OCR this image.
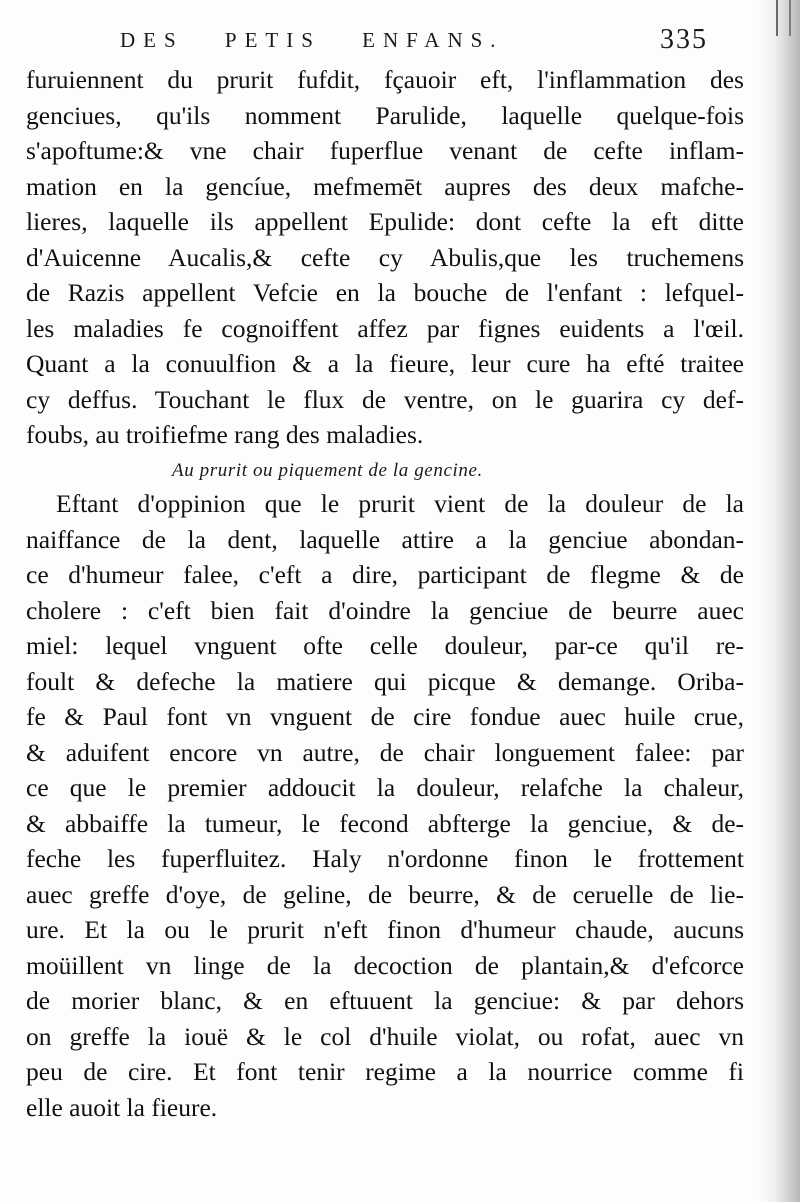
DES PETIS ENFANS.	335
furuiennent du prurit fufdit, fçauoir eft, l'inflammation des
genciues, qu'ils nomment Parulide, laquelle quelque-fois
s'apoftume:& vne chair fuperflue venant de cefte inflam-
mation en la gencíue, mefmemēt aupres des deux mafche-
lieres, laquelle ils appellent Epulide: dont cefte la eft ditte
d'Auicenne Aucalis,& cefte cy Abulis,que les truchemens
de Razis appellent Vefcie en la bouche de l'enfant : lefquel-
les maladies fe cognoiffent affez par fignes euidents a l'œil.
Quant a la conuulfion & a la fieure, leur cure ha efté traitee
cy deffus. Touchant le flux de ventre, on le guarira cy def-
foubs, au troifiefme rang des maladies.
Au prurit ou piquement de la gencine.
Eftant d'oppinion que le prurit vient de la douleur de la
naiffance de la dent, laquelle attire a la genciue abondan-
ce d'humeur falee, c'eft a dire, participant de flegme & de
cholere : c'eft bien fait d'oindre la genciue de beurre auec
miel: lequel vnguent ofte celle douleur, par-ce qu'il re-
foult & defeche la matiere qui picque & demange. Oriba-
fe & Paul font vn vnguent de cire fondue auec huile crue,
& aduifent encore vn autre, de chair longuement falee: par
ce que le premier addoucit la douleur, relafche la chaleur,
& abbaiffe la tumeur, le fecond abfterge la genciue, & de-
feche les fuperfluitez. Haly n'ordonne finon le frottement
auec greffe d'oye, de geline, de beurre, & de ceruelle de lie-
ure. Et la ou le prurit n'eft finon d'humeur chaude, aucuns
moüillent vn linge de la decoction de plantain,& d'efcorce
de morier blanc, & en eftuuent la genciue: & par dehors
on greffe la iouë & le col d'huile violat, ou rofat, auec vn
peu de cire. Et font tenir regime a la nourrice comme fi
elle auoit la fieure.
